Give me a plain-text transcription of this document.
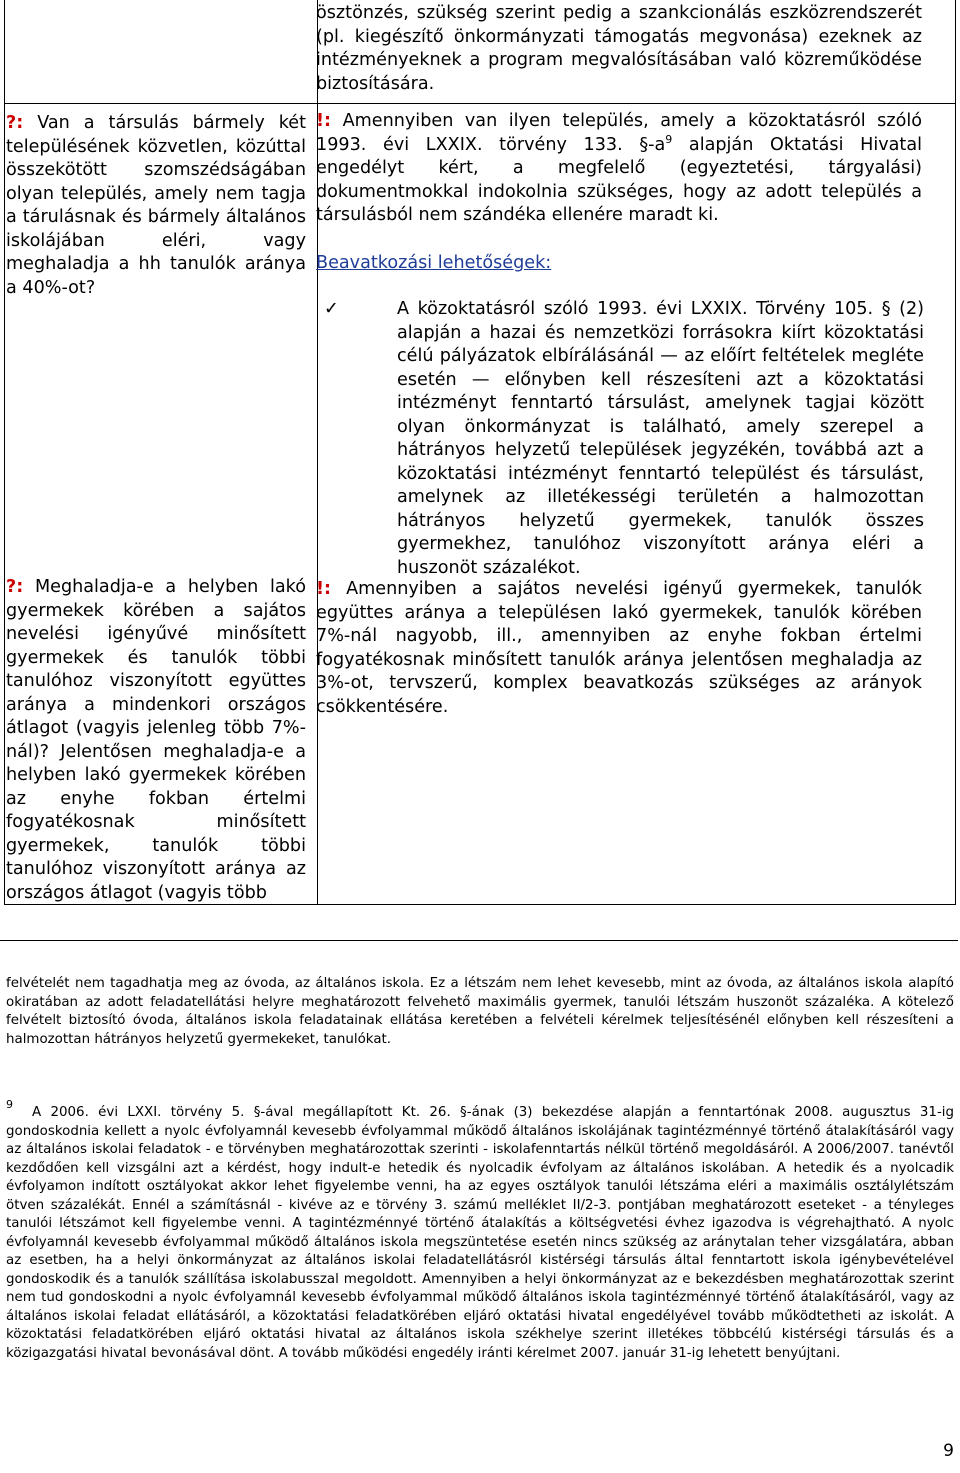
ösztönzés, szükség szerint pedig a szankcionálás eszközrendszerét (pl. kiegészítő önkormányzati támogatás megvonása) ezeknek az intézményeknek a program megvalósításában való közreműködése biztosítására.
?: Van a társulás bármely két településének közvetlen, közúttal összekötött szomszédságában olyan település, amely nem tagja a tárulásnak és bármely általános iskolájában eléri, vagy meghaladja a hh tanulók aránya a 40%-ot?
?: Meghaladja-e a helyben lakó gyermekek körében a sajátos nevelési igényűvé minősített gyermekek és tanulók többi tanulóhoz viszonyított együttes aránya a mindenkori országos átlagot (vagyis jelenleg több 7%-nál)? Jelentősen meghaladja-e a helyben lakó gyermekek körében az enyhe fokban értelmi fogyatékosnak minősített gyermekek, tanulók többi tanulóhoz viszonyított aránya az országos átlagot (vagyis több
!: Amennyiben van ilyen település, amely a közoktatásról szóló 1993. évi LXXIX. törvény 133. $\S-a^9$ alapján Oktatási Hivatal engedélyt kért, a megfelelő (egyeztetési, tárgyalási) dokumentmokkal indokolnia szükséges, hogy az adott település a társulásból nem szándéka ellenére maradt ki.
Beavatkozási lehetőségek:
✓	A közoktatásról szóló 1993. évi LXXIX. Törvény 105. § (2) alapján a hazai és nemzetközi forrásokra kiírt közoktatási célú pályázatok elbírálásánál — az előírt feltételek megléte esetén — előnyben kell részesíteni azt a közoktatási intézményt fenntartó társulást, amelynek tagjai között olyan önkormányzat is található, amely szerepel a hátrányos helyzetű települések jegyzékén, továbbá azt a közoktatási intézményt fenntartó települést és társulást, amelynek az illetékességi területén a halmozottan hátrányos helyzetű gyermekek, tanulók összes gyermekhez, tanulóhoz viszonyított aránya eléri a huszonöt százalékot.
!: Amennyiben a sajátos nevelési igényű gyermekek, tanulók együttes aránya a településen lakó gyermekek, tanulók körében 7%-nál nagyobb, ill., amennyiben az enyhe fokban értelmi fogyatékosnak minősített tanulók aránya jelentősen meghaladja az 3%-ot, tervszerű, komplex beavatkozás szükséges az arányok csökkentésére.
felvételét nem tagadhatja meg az óvoda, az általános iskola. Ez a létszám nem lehet kevesebb, mint az óvoda, az általános iskola alapító okiratában az adott feladatellátási helyre meghatározott felvehető maximális gyermek, tanulói létszám huszonöt százaléka. A kötelező felvételt biztosító óvoda, általános iskola feladatainak ellátása keretében a felvételi kérelmek teljesítésénél előnyben kell részesíteni a halmozottan hátrányos helyzetű gyermekeket, tanulókat.
9
A 2006. évi LXXI. törvény 5. §-ával megállapított Kt. 26. §-ának (3) bekezdése alapján a fenntartónak 2008. augusztus 31-ig gondoskodnia kellett a nyolc évfolyamnál kevesebb évfolyammal működő általános iskolájának tagintézménnyé történő átalakításáról vagy az általános iskolai feladatok - e törvényben meghatározottak szerinti - iskolafenntartás nélkül történő megoldásáról. A 2006/2007. tanévtől kezdődően kell vizsgálni azt a kérdést, hogy indult-e hetedik és nyolcadik évfolyam az általános iskolában. A hetedik és a nyolcadik évfolyamon indított osztályokat akkor lehet figyelembe venni, ha az egyes osztályok tanulói létszáma eléri a maximális osztálylétszám ötven százalékát. Ennél a számításnál - kivéve az e törvény 3. számú melléklet II/2-3. pontjában meghatározott eseteket - a tényleges tanulói létszámot kell figyelembe venni. A tagintézménnyé történő átalakítás a költségvetési évhez igazodva is végrehajtható. A nyolc évfolyamnál kevesebb évfolyammal működő általános iskola megszüntetése esetén nincs szükség az aránytalan teher vizsgálatára, abban az esetben, ha a helyi önkormányzat az általános iskolai feladatellátásról kistérségi társulás által fenntartott iskola igénybevételével gondoskodik és a tanulók szállítása iskolabusszal megoldott. Amennyiben a helyi önkormányzat az e bekezdésben meghatározottak szerint nem tud gondoskodni a nyolc évfolyamnál kevesebb évfolyammal működő általános iskola tagintézménnyé történő átalakításáról, vagy az általános iskolai feladat ellátásáról, a közoktatási feladatkörében eljáró oktatási hivatal engedélyével tovább működtetheti az iskolát. A közoktatási feladatkörében eljáró oktatási hivatal az általános iskola székhelye szerint illetékes többcélú kistérségi társulás és a közigazgatási hivatal bevonásával dönt. A tovább működési engedély iránti kérelmet 2007. január 31-ig lehetett benyújtani.
9
